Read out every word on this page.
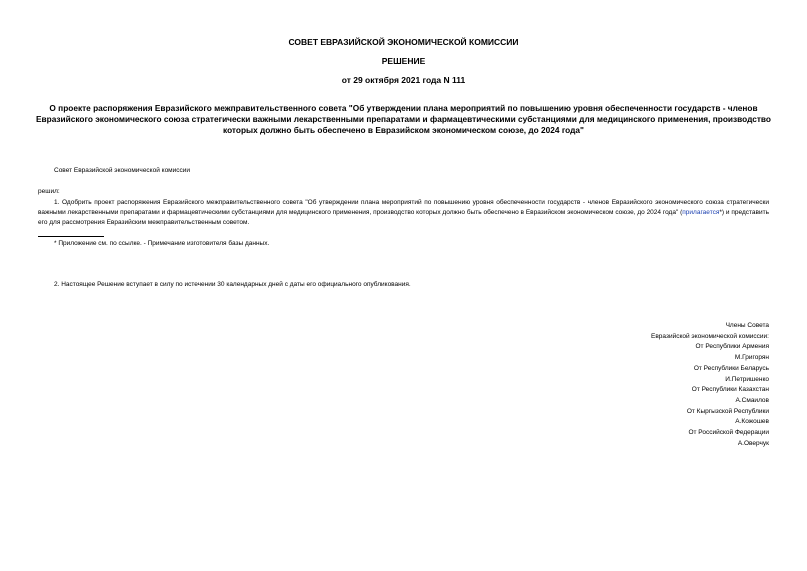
СОВЕТ ЕВРАЗИЙСКОЙ ЭКОНОМИЧЕСКОЙ КОМИССИИ
РЕШЕНИЕ
от 29 октября 2021 года N 111
О проекте распоряжения Евразийского межправительственного совета "Об утверждении плана мероприятий по повышению уровня обеспеченности государств - членов Евразийского экономического союза стратегически важными лекарственными препаратами и фармацевтическими субстанциями для медицинского применения, производство которых должно быть обеспечено в Евразийском экономическом союзе, до 2024 года"
Совет Евразийской экономической комиссии
решил:
1. Одобрить проект распоряжения Евразийского межправительственного совета "Об утверждении плана мероприятий по повышению уровня обеспеченности государств - членов Евразийского экономического союза стратегически важными лекарственными препаратами и фармацевтическими субстанциями для медицинского применения, производство которых должно быть обеспечено в Евразийском экономическом союзе, до 2024 года" (прилагается*) и представить его для рассмотрения Евразийским межправительственным советом.
* Приложение см. по ссылке. - Примечание изготовителя базы данных.
2. Настоящее Решение вступает в силу по истечении 30 календарных дней с даты его официального опубликования.
Члены Совета
Евразийской экономической комиссии:
От Республики Армения
М.Григорян
От Республики Беларусь
И.Петришенко
От Республики Казахстан
А.Смаилов
От Кыргызской Республики
А.Кожошев
От Российской Федерации
А.Оверчук
